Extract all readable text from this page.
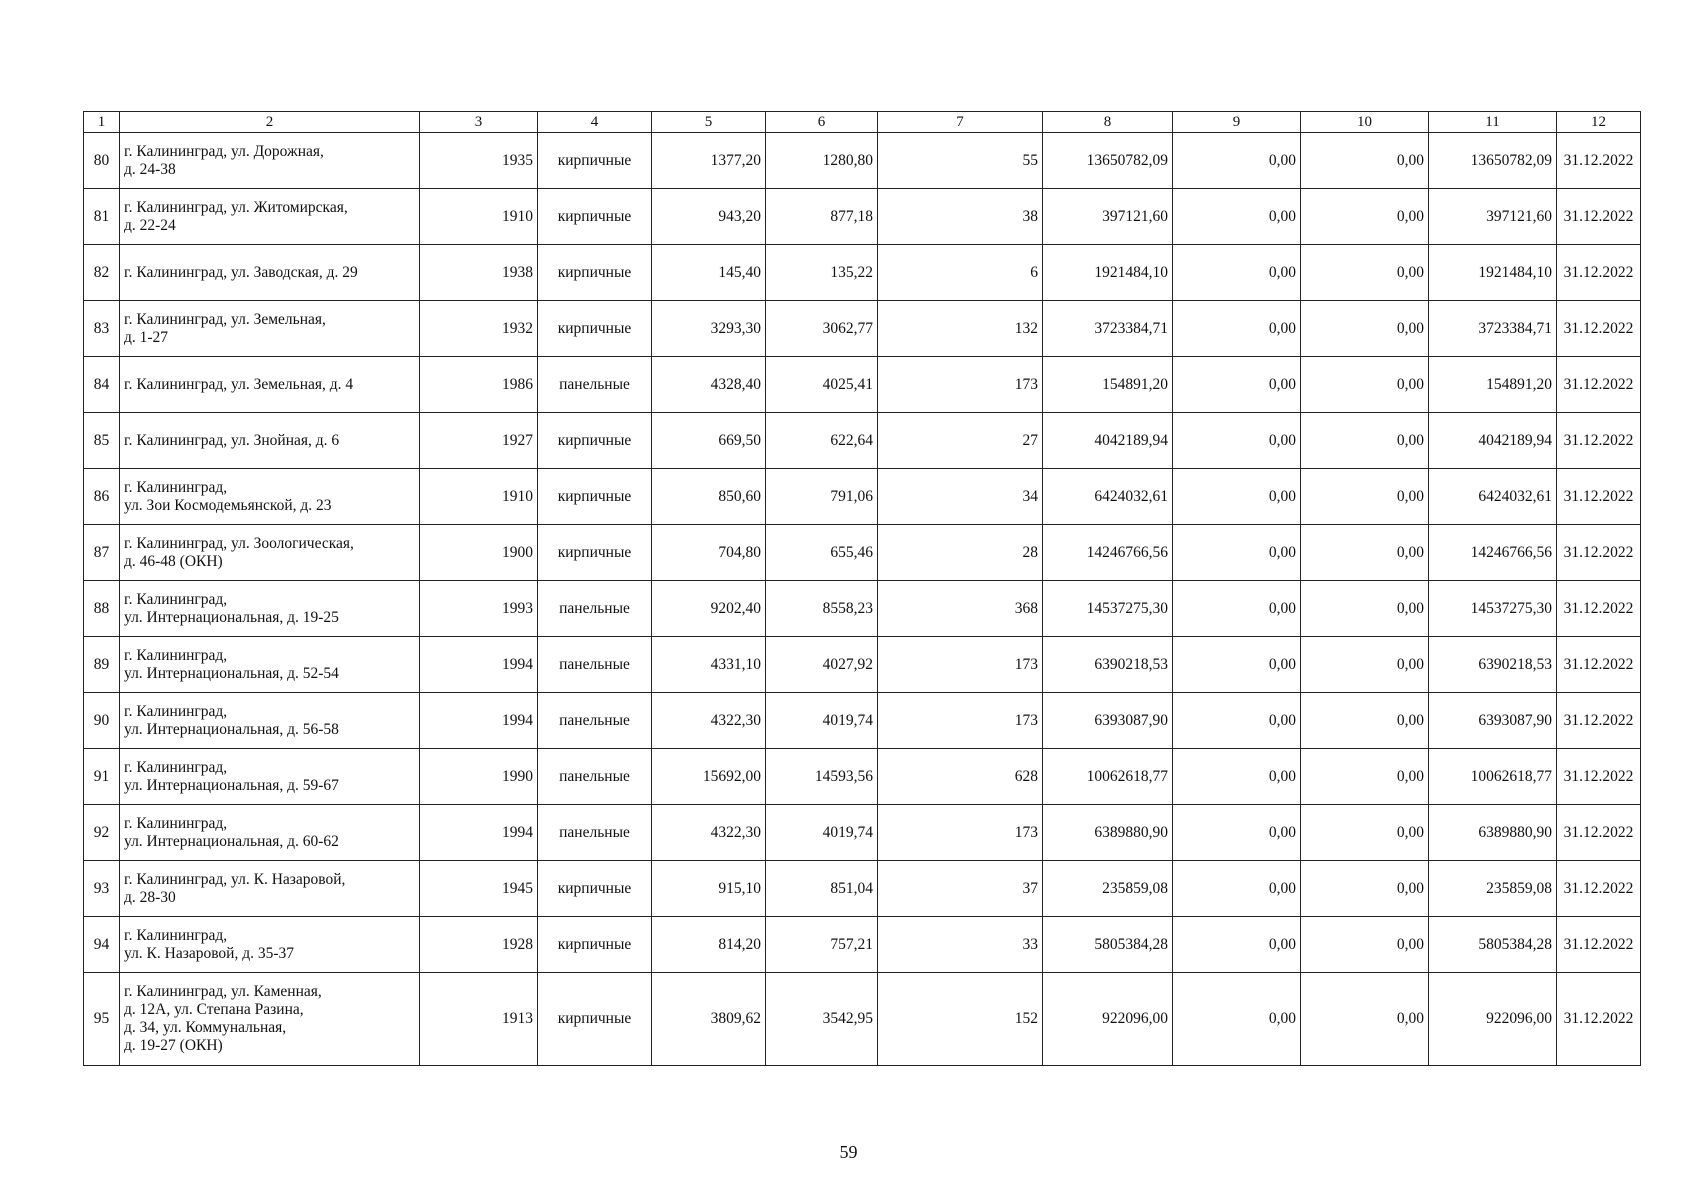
1	2	3	4	5	6	7	8	9	10	11	12
80	г. Калининград, ул. Дорожная,
д. 24-38	1935	кирпичные	1377,20	1280,80	55	13650782,09	0,00	0,00	13650782,09	31.12.2022
81	г. Калининград, ул. Житомирская,
д. 22-24	1910	кирпичные	943,20	877,18	38	397121,60	0,00	0,00	397121,60	31.12.2022
82	г. Калининград, ул. Заводская, д. 29	1938	кирпичные	145,40	135,22	6	1921484,10	0,00	0,00	1921484,10	31.12.2022
83	г. Калининград, ул. Земельная,
д. 1-27	1932	кирпичные	3293,30	3062,77	132	3723384,71	0,00	0,00	3723384,71	31.12.2022
84	г. Калининград, ул. Земельная, д. 4	1986	панельные	4328,40	4025,41	173	154891,20	0,00	0,00	154891,20	31.12.2022
85	г. Калининград, ул. Знойная, д. 6	1927	кирпичные	669,50	622,64	27	4042189,94	0,00	0,00	4042189,94	31.12.2022
86	г. Калининград,
ул. Зои Космодемьянской, д. 23	1910	кирпичные	850,60	791,06	34	6424032,61	0,00	0,00	6424032,61	31.12.2022
87	г. Калининград, ул. Зоологическая,
д. 46-48 (ОКН)	1900	кирпичные	704,80	655,46	28	14246766,56	0,00	0,00	14246766,56	31.12.2022
88	г. Калининград,
ул. Интернациональная, д. 19-25	1993	панельные	9202,40	8558,23	368	14537275,30	0,00	0,00	14537275,30	31.12.2022
89	г. Калининград,
ул. Интернациональная, д. 52-54	1994	панельные	4331,10	4027,92	173	6390218,53	0,00	0,00	6390218,53	31.12.2022
90	г. Калининград,
ул. Интернациональная, д. 56-58	1994	панельные	4322,30	4019,74	173	6393087,90	0,00	0,00	6393087,90	31.12.2022
91	г. Калининград,
ул. Интернациональная, д. 59-67	1990	панельные	15692,00	14593,56	628	10062618,77	0,00	0,00	10062618,77	31.12.2022
92	г. Калининград,
ул. Интернациональная, д. 60-62	1994	панельные	4322,30	4019,74	173	6389880,90	0,00	0,00	6389880,90	31.12.2022
93	г. Калининград, ул. К. Назаровой,
д. 28-30	1945	кирпичные	915,10	851,04	37	235859,08	0,00	0,00	235859,08	31.12.2022
94	г. Калининград,
ул. К. Назаровой, д. 35-37	1928	кирпичные	814,20	757,21	33	5805384,28	0,00	0,00	5805384,28	31.12.2022
95	г. Калининград, ул. Каменная,
д. 12А, ул. Степана Разина,
д. 34, ул. Коммунальная,
д. 19-27 (ОКН)	1913	кирпичные	3809,62	3542,95	152	922096,00	0,00	0,00	922096,00	31.12.2022
59
